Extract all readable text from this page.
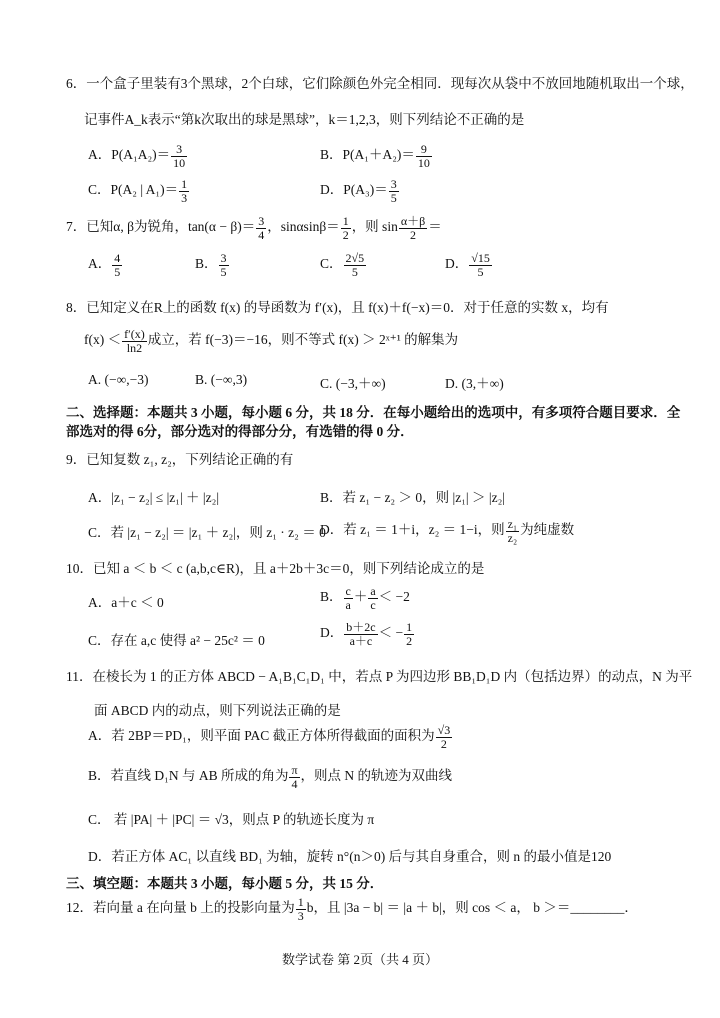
6．一个盒子里装有3个黑球，2个白球，它们除颜色外完全相同．现每次从袋中不放回地随机取出一个球，
记事件A_k表示“第k次取出的球是黑球”，k＝1,2,3，则下列结论不正确的是
A．$P(A_1A_2)= \frac{3}{10}$	B．$P(A_1+A_2)= \frac{9}{10}$
C．P(A₂ | $A_1)= \frac{1}{3}$	D．$P(A_3)= \frac{3}{5}$
7．已知α, β为锐角，$\tan(\alpha - \beta)= \frac{3}{4}$ ，$\sin\alpha\sin\beta= \frac{1}{2}$ ，则 $\sin \frac{\alpha+\beta}{2}$ ＝
A． $\frac{4}{5}$	B． $\frac{3}{5}$	C． $\frac{2√5}{5}$	D． $\frac{√15}{5}$
8．已知定义在R上的函数 f(x) 的导函数为 f′(x)，且 f(x)＋f(−x)＝0．对于任意的实数 x，均有
$f(x) < \frac{f'(x)}{\ln 2}$ 成立，若 f(−3)＝−16，则不等式 f(x) ＞ 2ˣ⁺¹ 的解集为
A. (−∞,−3)	B. (−∞,3)	C. (−3,＋∞)	D. (3,＋∞)
二、选择题：本题共 3 小题，每小题 6 分，共 18 分．在每小题给出的选项中，有多项符合题目要求．全
部选对的得 6分，部分选对的得部分分，有选错的得 0 分．
9．已知复数 z₁, z₂，下列结论正确的有
A．|z₁ − z₂| ≤ |z₁| ＋ |z₂|	B．若 z₁ − z₂ ＞ 0，则 |z₁| ＞ |z₂|
C．若 |z₁ − z₂| ＝ |z₁ ＋ z₂|，则 z₁ · z₂ ＝ 0
D．若 z₁ ＝ 1＋i，z₂ ＝ 1−i，则 $\frac{\text{z₁}}{\text{z₂}}$ 为纯虚数
10．已知 a ＜ b ＜ c (a,b,c∈R)，且 a＋2b＋3c＝0，则下列结论成立的是
A．a＋c ＜ 0	B． $\frac{c}{a} + \frac{a}{c} < -2$
C．存在 a,c 使得 a² − 25c² ＝ 0
D． $\frac{b+2c}{a+c}$ ＜ − $\frac{1}{2}$
11．在棱长为 1 的正方体 ABCD − A₁B₁C₁D₁ 中，若点 P 为四边形 BB₁D₁D 内（包括边界）的动点，N 为平
面 ABCD 内的动点，则下列说法正确的是
A．若 2BP＝PD₁，则平面 PAC 截正方体所得截面的面积为 $\frac{√3}{2}$
B．若直线 D₁N 与 AB 所成的角为 $\frac{\pi}{4}$ ，则点 N 的轨迹为双曲线
C． 若 |PA| ＋ |PC| ＝ √3，则点 P 的轨迹长度为 π
D．若正方体 AC₁ 以直线 BD₁ 为轴，旋转 n°(n＞0) 后与其自身重合，则 n 的最小值是120
三、填空题：本题共 3 小题，每小题 5 分，共 15 分．
12．若向量 a 在向量 b 上的投影向量为 $\frac{1}{3}$ b，且 |3a − b| ＝ |a ＋ b|，则 cos ＜ a， b ＞＝________．
数学试卷 第 2页（共 4 页）
